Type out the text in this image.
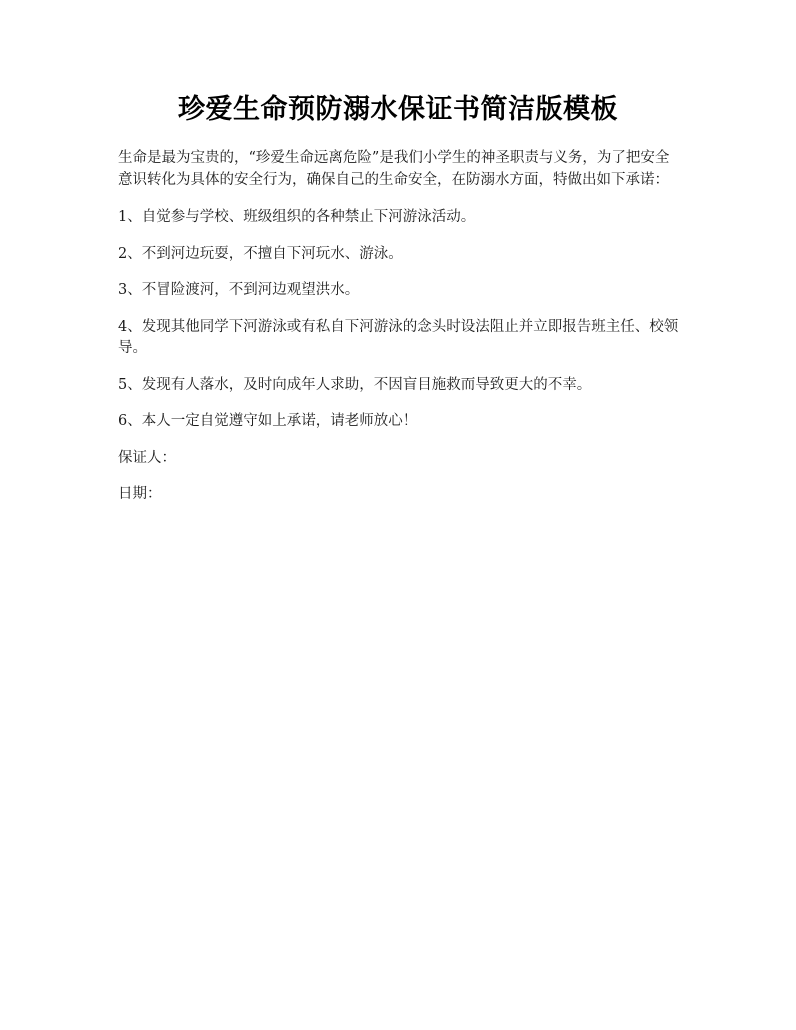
珍爱生命预防溺水保证书简洁版模板

生命是最为宝贵的，“珍爱生命远离危险”是我们小学生的神圣职责与义务，为了把安全意识转化为具体的安全行为，确保自己的生命安全，在防溺水方面，特做出如下承诺：

1、自觉参与学校、班级组织的各种禁止下河游泳活动。

2、不到河边玩耍，不擅自下河玩水、游泳。

3、不冒险渡河，不到河边观望洪水。

4、发现其他同学下河游泳或有私自下河游泳的念头时设法阻止并立即报告班主任、校领导。

5、发现有人落水，及时向成年人求助，不因盲目施救而导致更大的不幸。

6、本人一定自觉遵守如上承诺，请老师放心！

保证人：

日期：
